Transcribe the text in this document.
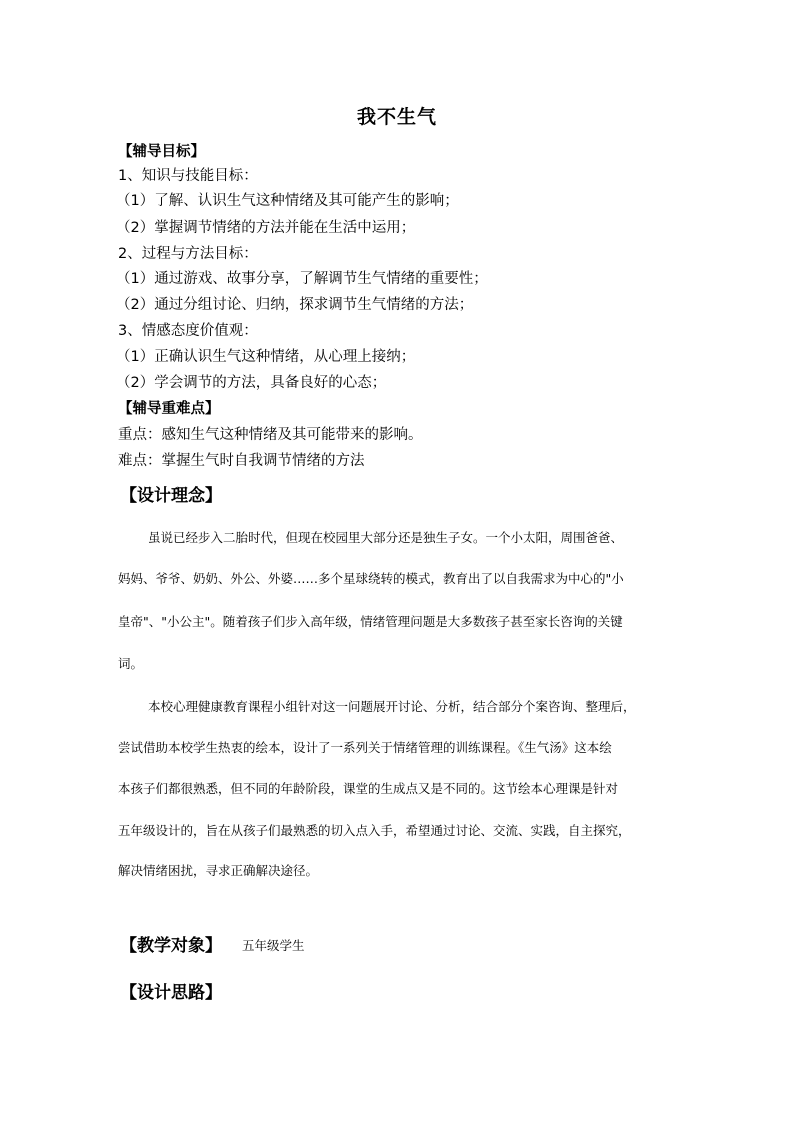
我不生气
【辅导目标】
1、知识与技能目标：
（1）了解、认识生气这种情绪及其可能产生的影响；
（2）掌握调节情绪的方法并能在生活中运用；
2、过程与方法目标：
（1）通过游戏、故事分享，了解调节生气情绪的重要性；
（2）通过分组讨论、归纳，探求调节生气情绪的方法；
3、情感态度价值观：
（1）正确认识生气这种情绪，从心理上接纳；
（2）学会调节的方法，具备良好的心态；
【辅导重难点】
重点：感知生气这种情绪及其可能带来的影响。
难点：掌握生气时自我调节情绪的方法
【设计理念】
虽说已经步入二胎时代，但现在校园里大部分还是独生子女。一个小太阳，周围爸爸、
妈妈、爷爷、奶奶、外公、外婆……多个星球绕转的模式，教育出了以自我需求为中心的"小
皇帝"、"小公主"。随着孩子们步入高年级，情绪管理问题是大多数孩子甚至家长咨询的关键
词。
本校心理健康教育课程小组针对这一问题展开讨论、分析，结合部分个案咨询、整理后，
尝试借助本校学生热衷的绘本，设计了一系列关于情绪管理的训练课程。《生气汤》这本绘
本孩子们都很熟悉，但不同的年龄阶段，课堂的生成点又是不同的。这节绘本心理课是针对
五年级设计的，旨在从孩子们最熟悉的切入点入手，希望通过讨论、交流、实践，自主探究，
解决情绪困扰，寻求正确解决途径。
【教学对象】 五年级学生
【设计思路】
